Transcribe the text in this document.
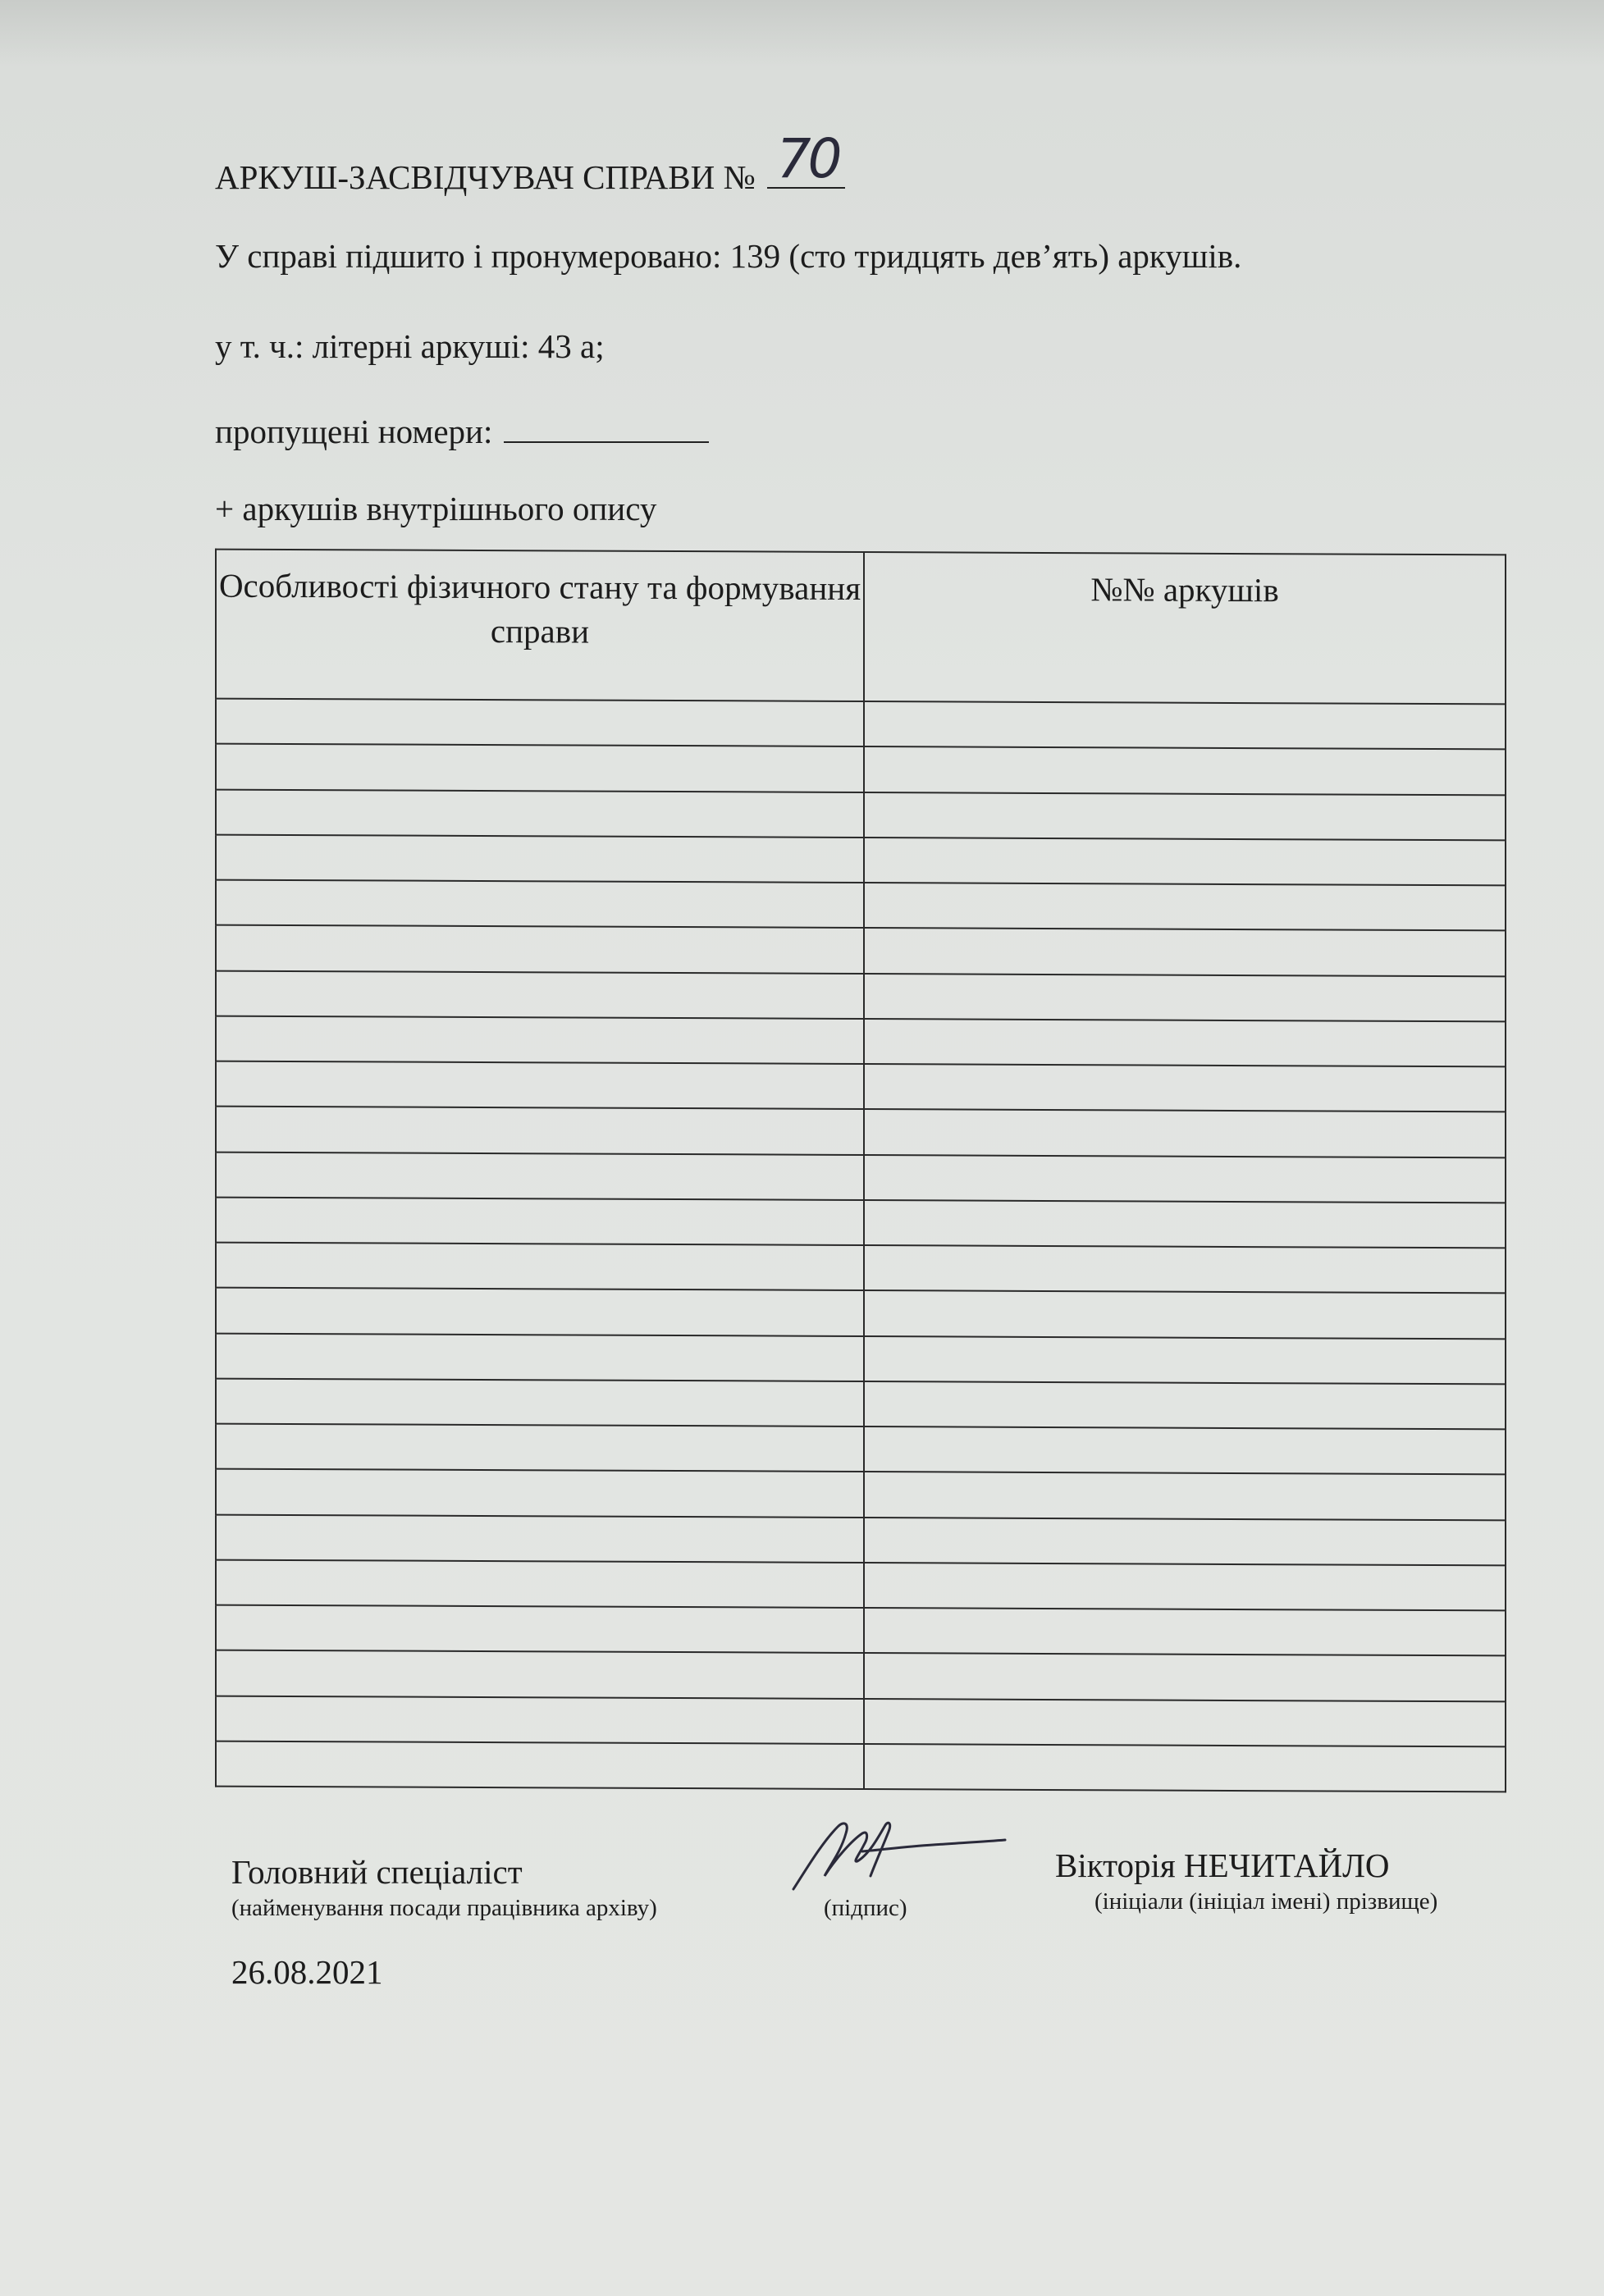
АРКУШ-ЗАСВІДЧУВАЧ СПРАВИ № 70
У справі підшито і пронумеровано: 139 (сто тридцять дев’ять) аркушів.
у т. ч.: літерні аркуші: 43 а;
пропущені номери:
+ аркушів внутрішнього опису
Особливості фізичного стану та формування справи	№№ аркушів

Головний спеціаліст
(найменування посади працівника архіву)	(підпис)
Вікторія НЕЧИТАЙЛО
(ініціали (ініціал імені) прізвище)
26.08.2021
